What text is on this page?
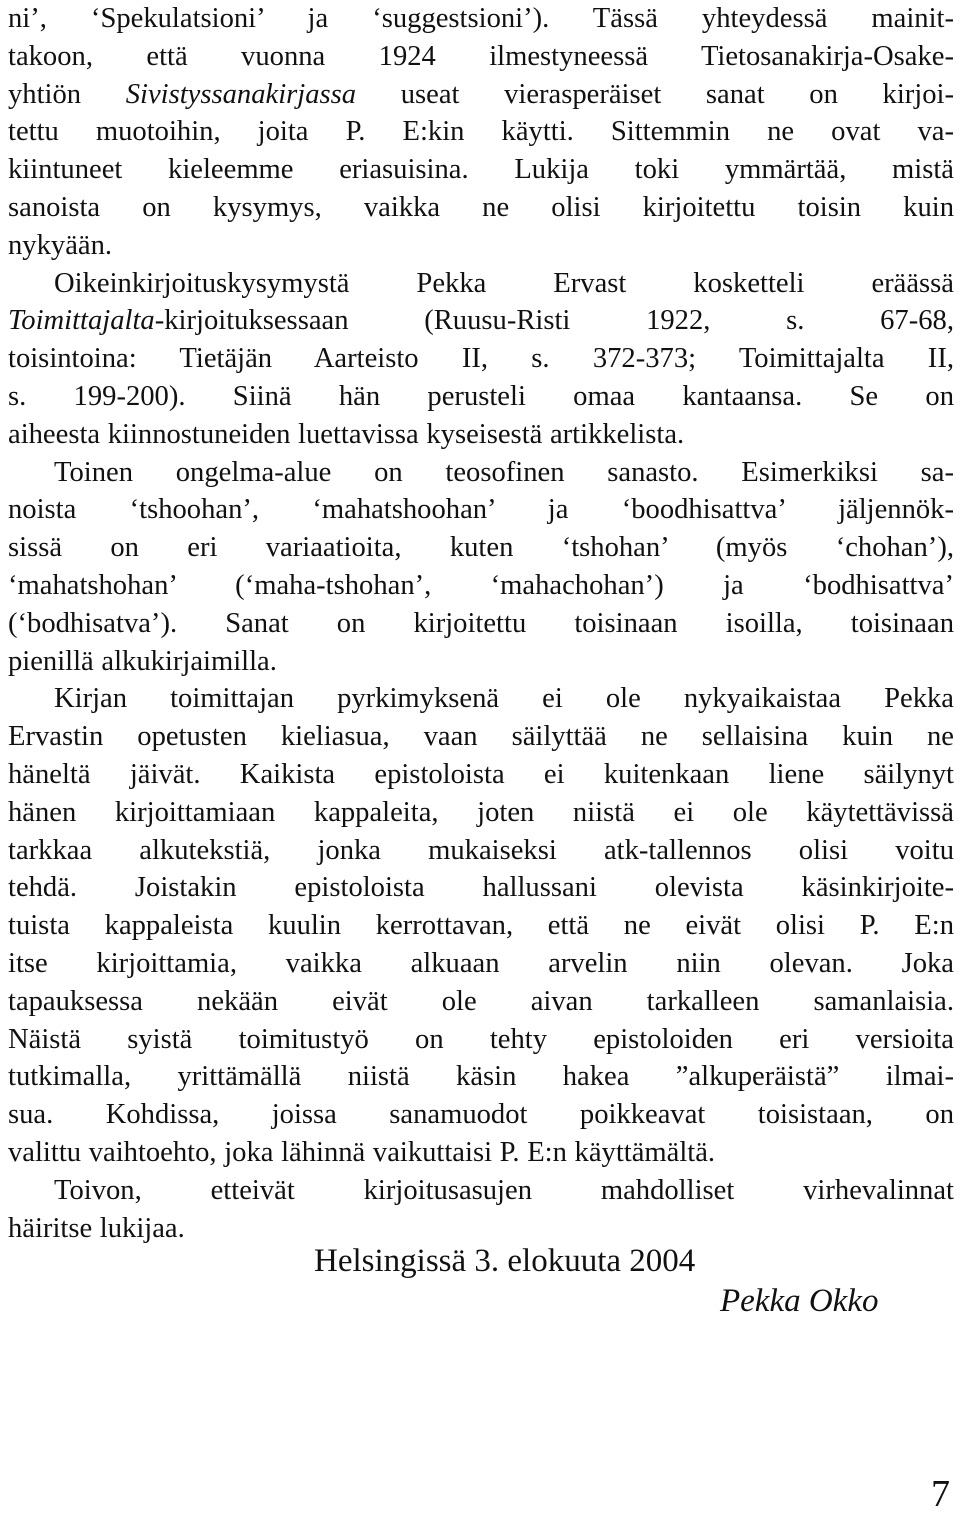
ni’, ‘Spekulatsioni’ ja ‘suggestsioni’). Tässä yhteydessä mainit-
takoon, että vuonna 1924 ilmestyneessä Tietosanakirja-Osake-
yhtiön Sivistyssanakirjassa useat vierasperäiset sanat on kirjoi-
tettu muotoihin, joita P. E:kin käytti. Sittemmin ne ovat va-
kiintuneet kieleemme eriasuisina. Lukija toki ymmärtää, mistä
sanoista on kysymys, vaikka ne olisi kirjoitettu toisin kuin
nykyään.
Oikeinkirjoituskysymystä Pekka Ervast kosketteli eräässä
Toimittajalta-kirjoituksessaan (Ruusu-Risti 1922, s. 67-68,
toisintoina: Tietäjän Aarteisto II, s. 372-373; Toimittajalta II,
s. 199-200). Siinä hän perusteli omaa kantaansa. Se on
aiheesta kiinnostuneiden luettavissa kyseisestä artikkelista.
Toinen ongelma-alue on teosofinen sanasto. Esimerkiksi sa-
noista ‘tshoohan’, ‘mahatshoohan’ ja ‘boodhisattva’ jäljennök-
sissä on eri variaatioita, kuten ‘tshohan’ (myös ‘chohan’),
‘mahatshohan’ (‘maha-tshohan’, ‘mahachohan’) ja ‘bodhisattva’
(‘bodhisatva’). Sanat on kirjoitettu toisinaan isoilla, toisinaan
pienillä alkukirjaimilla.
Kirjan toimittajan pyrkimyksenä ei ole nykyaikaistaa Pekka
Ervastin opetusten kieliasua, vaan säilyttää ne sellaisina kuin ne
häneltä jäivät. Kaikista epistoloista ei kuitenkaan liene säilynyt
hänen kirjoittamiaan kappaleita, joten niistä ei ole käytettävissä
tarkkaa alkutekstiä, jonka mukaiseksi atk-tallennos olisi voitu
tehdä. Joistakin epistoloista hallussani olevista käsinkirjoite-
tuista kappaleista kuulin kerrottavan, että ne eivät olisi P. E:n
itse kirjoittamia, vaikka alkuaan arvelin niin olevan. Joka
tapauksessa nekään eivät ole aivan tarkalleen samanlaisia.
Näistä syistä toimitustyö on tehty epistoloiden eri versioita
tutkimalla, yrittämällä niistä käsin hakea ”alkuperäistä” ilmai-
sua. Kohdissa, joissa sanamuodot poikkeavat toisistaan, on
valittu vaihtoehto, joka lähinnä vaikuttaisi P. E:n käyttämältä.
Toivon, etteivät kirjoitusasujen mahdolliset virhevalinnat
häiritse lukijaa.
Helsingissä 3. elokuuta 2004
Pekka Okko
7
